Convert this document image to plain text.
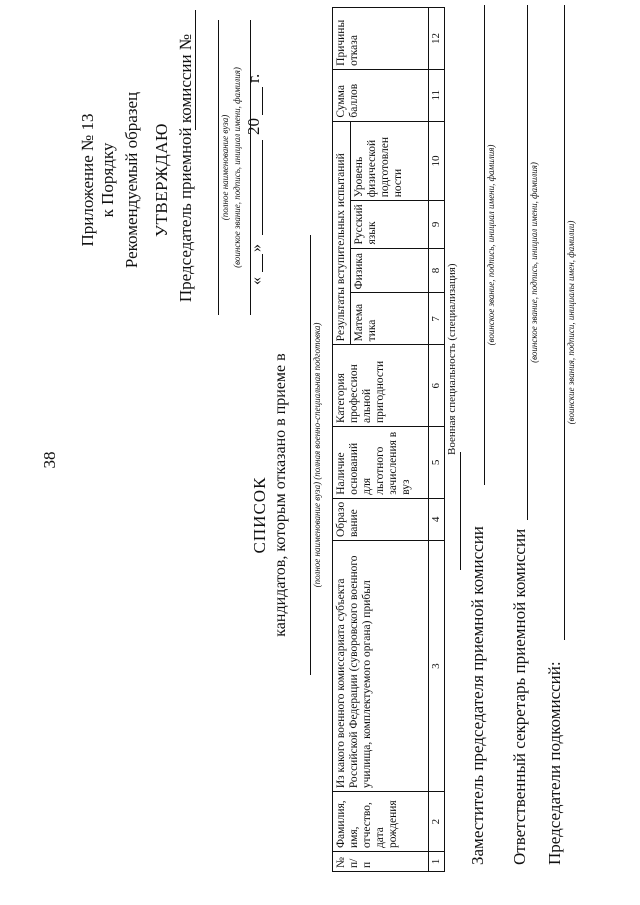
38
Приложение № 13 к Порядку Рекомендуемый образец УТВЕРЖДАЮ Председатель приемной комиссии №	(полное наименование вуза) (воинское звание, подпись, инициал имени, фамилия)
«
»
20
г.
СПИСОК кандидатов, которым отказано в приеме в	(полное наименование вуза) (полная военно-специальная подготовка)
№ п/п	Фамилия, имя, отчество, дата рождения	Из какого военного комиссариата субъекта Российской Федерации (суворовского военного училища, комплектуемого органа) прибыл	Образо вание	Наличие оснований для льготного зачисления в вуз	Категория профессион альной пригодности	Результаты вступительных испытаний				Сумма баллов	Причины отказа
						Матема тика	Физика	Русский язык	Уровень физической подготовлен ности		
1	2	3	4	5	6	7	8	9	10	11	12
Военная специальность (специализация)
Заместитель председателя приемной комиссии
(воинское звание, подпись, инициал имени, фамилия)
Ответственный секретарь приемной комиссии
(воинское звание, подпись, инициал имени, фамилия)
Председатели подкомиссий:
(воинские звания, подписи, инициалы имен, фамилии)
